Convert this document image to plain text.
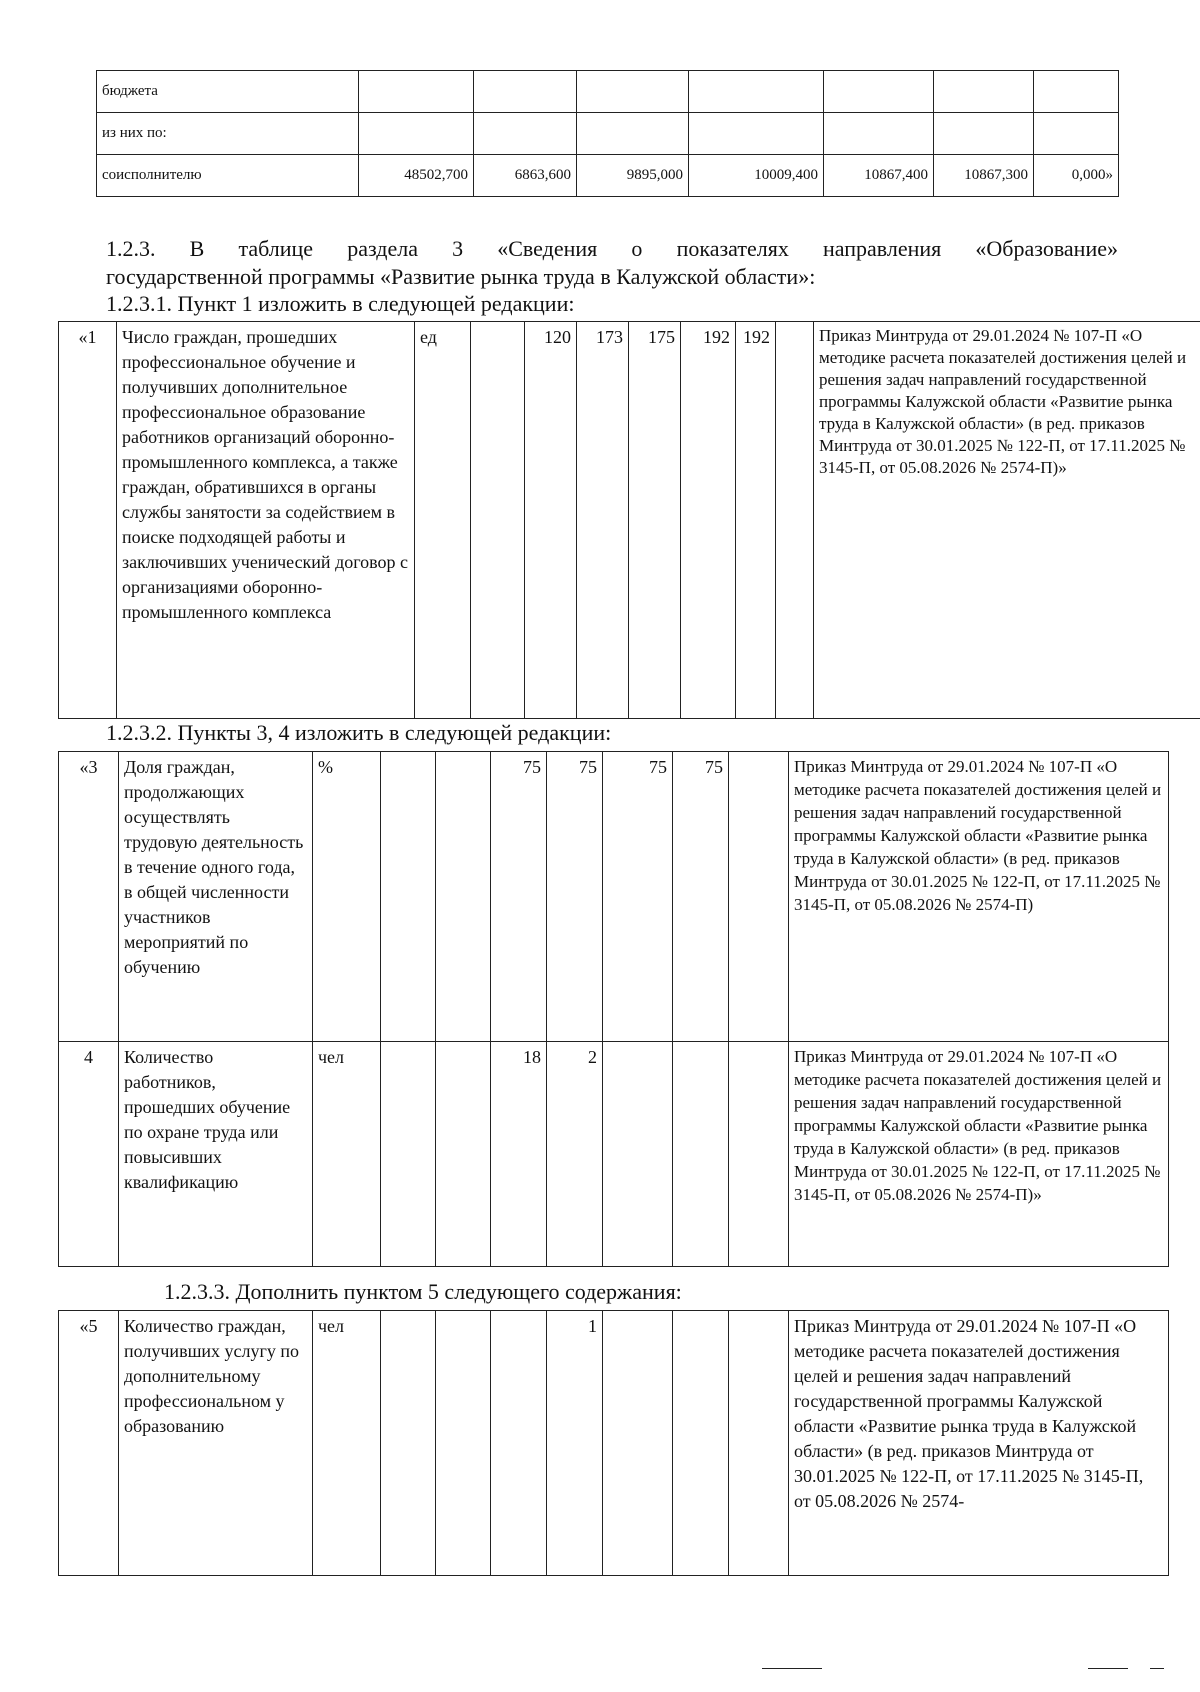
бюджета							
из них по:							
соисполнителю	48502,700	6863,600	9895,000	10009,400	10867,400	10867,300	0,000»
1.2.3. В таблице раздела 3 «Сведения о показателях направления «Образование»
государственной программы «Развитие рынка труда в Калужской области»:
1.2.3.1. Пункт 1 изложить в следующей редакции:
«1	Число граждан, прошедших профессиональное обучение и получивших дополнительное профессиональное образование работников организаций оборонно-промышленного комплекса, а также граждан, обратившихся в органы службы занятости за содействием в поиске подходящей работы и заключивших ученический договор с организациями оборонно-промышленного комплекса	ед		120	173	175	192	192		Приказ Минтруда от 29.01.2024 № 107-П «О методике расчета показателей достижения целей и решения задач направлений государственной программы Калужской области «Развитие рынка труда в Калужской области» (в ред. приказов Минтруда от 30.01.2025 № 122-П, от 17.11.2025 № 3145-П, от 05.08.2026 № 2574-П)»
1.2.3.2. Пункты 3, 4 изложить в следующей редакции:
«3	Доля граждан, продолжающих осуществлять трудовую деятельность в течение одного года, в общей численности участников мероприятий по обучению	%			75	75	75	75		Приказ Минтруда от 29.01.2024 № 107-П «О методике расчета показателей достижения целей и решения задач направлений государственной программы Калужской области «Развитие рынка труда в Калужской области» (в ред. приказов Минтруда от 30.01.2025 № 122-П, от 17.11.2025 № 3145-П, от 05.08.2026 № 2574-П)
4	Количество работников, прошедших обучение по охране труда или повысивших квалификацию	чел			18	2				Приказ Минтруда от 29.01.2024 № 107-П «О методике расчета показателей достижения целей и решения задач направлений государственной программы Калужской области «Развитие рынка труда в Калужской области» (в ред. приказов Минтруда от 30.01.2025 № 122-П, от 17.11.2025 № 3145-П, от 05.08.2026 № 2574-П)»
1.2.3.3. Дополнить пунктом 5 следующего содержания:
«5	Количество граждан, получивших услугу по дополнительному профессиональном у образованию	чел				1				Приказ Минтруда от 29.01.2024 № 107-П «О методике расчета показателей достижения целей и решения задач направлений государственной программы Калужской области «Развитие рынка труда в Калужской области» (в ред. приказов Минтруда от 30.01.2025 № 122-П, от 17.11.2025 № 3145-П, от 05.08.2026 № 2574-
